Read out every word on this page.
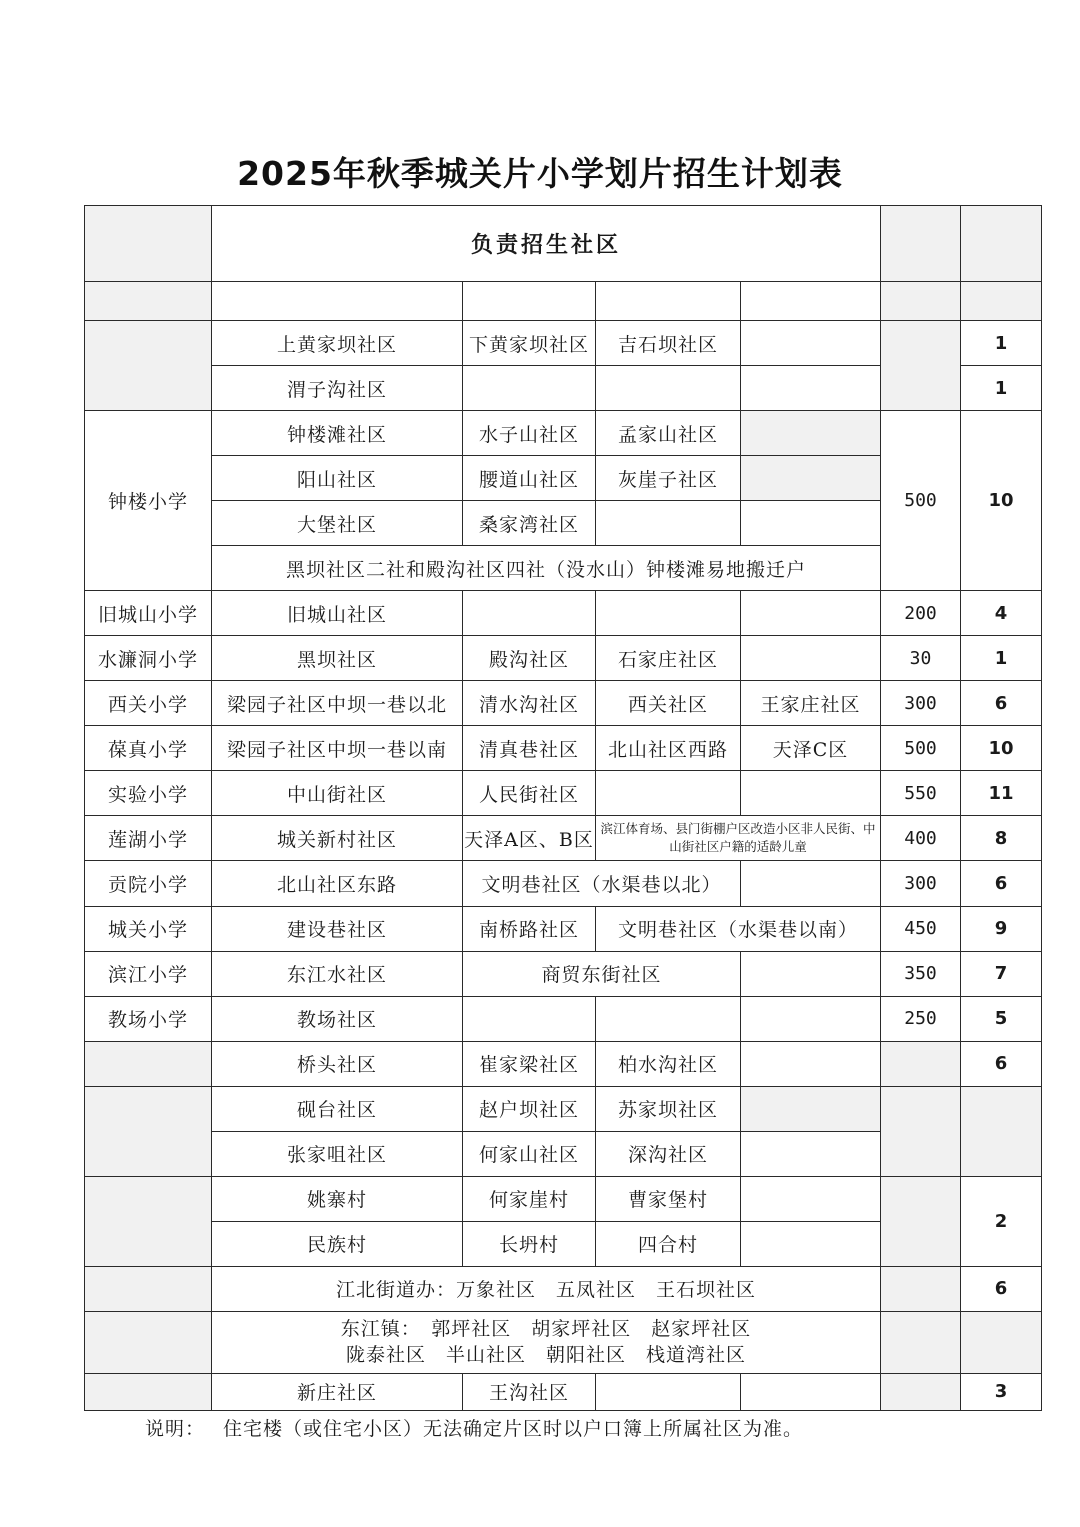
2025年秋季城关片小学划片招生计划表
	负责招生社区					

	上黄家坝社区	下黄家坝社区	吉石坝社区			1
	渭子沟社区					1
钟楼小学	钟楼滩社区	水子山社区	孟家山社区		500	10
	阳山社区	腰道山社区	灰崖子社区			
	大堡社区	桑家湾社区				
	黑坝社区二社和殿沟社区四社（没水山）钟楼滩易地搬迁户					
旧城山小学	旧城山社区				200	4
水濂洞小学	黑坝社区	殿沟社区	石家庄社区		30	1
西关小学	梁园子社区中坝一巷以北	清水沟社区	西关社区	王家庄社区	300	6
葆真小学	梁园子社区中坝一巷以南	清真巷社区	北山社区西路	天泽C区	500	10
实验小学	中山街社区	人民街社区			550	11
莲湖小学	城关新村社区	天泽A区、B区	滨江体育场、县门街棚户区改造小区非人民街、中山街社区户籍的适龄儿童		400	8
贡院小学	北山社区东路	文明巷社区（水渠巷以北）			300	6
城关小学	建设巷社区	南桥路社区	文明巷社区（水渠巷以南）		450	9
滨江小学	东江水社区	商贸东街社区			350	7
教场小学	教场社区				250	5
	桥头社区	崔家梁社区	柏水沟社区			6
	砚台社区	赵户坝社区	苏家坝社区			
	张家咀社区	何家山社区	深沟社区			
	姚寨村	何家崖村	曹家堡村			2
	民族村	长坍村	四合村			
	江北街道办：万象社区　五凤社区　王石坝社区					6

	东江镇：　郭坪社区　胡家坪社区　赵家坪社区
陇泰社区　半山社区　朝阳社区　栈道湾社区					

	新庄社区	王沟社区				3
说明： 住宅楼（或住宅小区）无法确定片区时以户口簿上所属社区为准。
